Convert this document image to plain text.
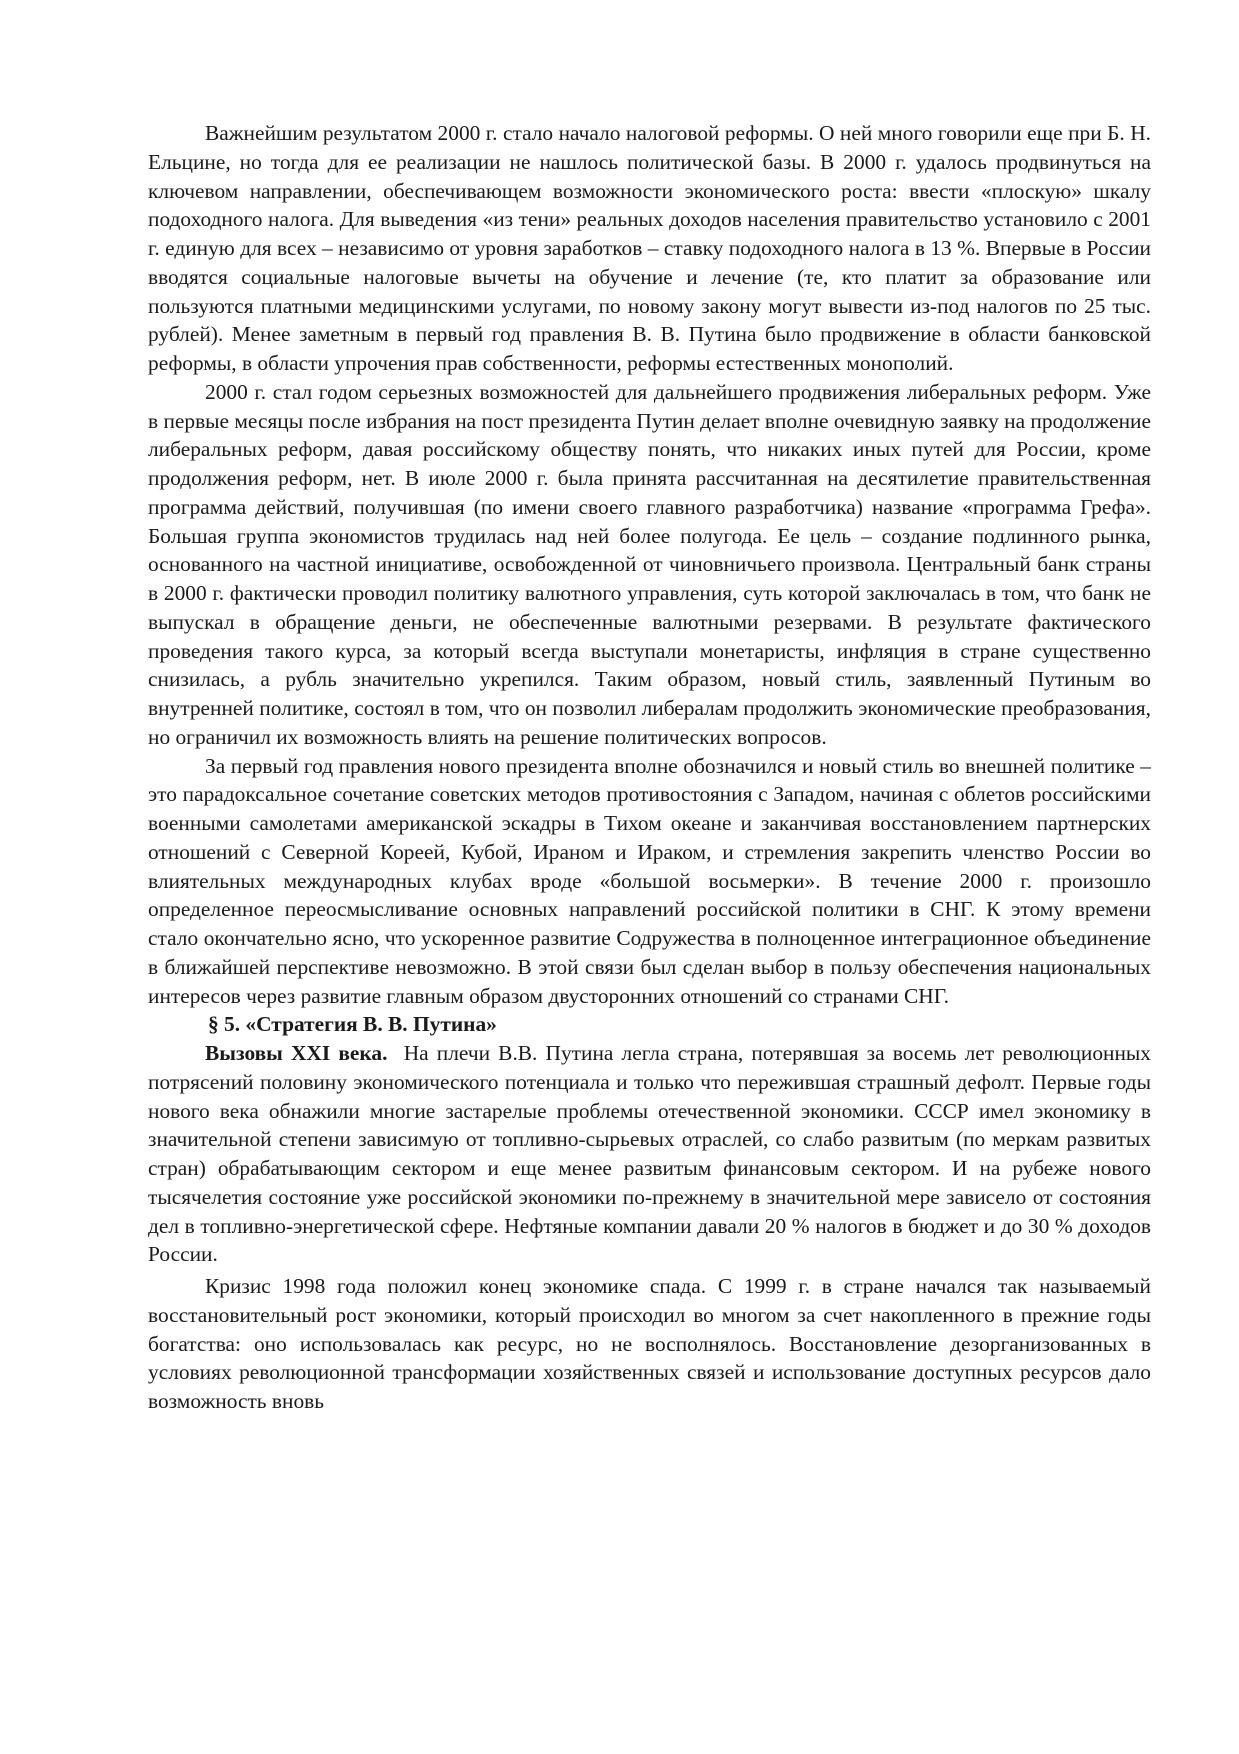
Важнейшим результатом 2000 г. стало начало налоговой реформы. О ней много говорили еще при Б. Н. Ельцине, но тогда для ее реализации не нашлось политической базы. В 2000 г. удалось продвинуться на ключевом направлении, обеспечивающем возможности экономического роста: ввести «плоскую» шкалу подоходного налога. Для выведения «из тени» реальных доходов населения правительство установило с 2001 г. единую для всех – независимо от уровня заработков – ставку подоходного налога в 13 %. Впервые в России вводятся социальные налоговые вычеты на обучение и лечение (те, кто платит за образование или пользуются платными медицинскими услугами, по новому закону могут вывести из-под налогов по 25 тыс. рублей). Менее заметным в первый год правления В. В. Путина было продвижение в области банковской реформы, в области упрочения прав собственности, реформы естественных монополий.

2000 г. стал годом серьезных возможностей для дальнейшего продвижения либеральных реформ. Уже в первые месяцы после избрания на пост президента Путин делает вполне очевидную заявку на продолжение либеральных реформ, давая российскому обществу понять, что никаких иных путей для России, кроме продолжения реформ, нет. В июле 2000 г. была принята рассчитанная на десятилетие правительственная программа действий, получившая (по имени своего главного разработчика) название «программа Грефа». Большая группа экономистов трудилась над ней более полугода. Ее цель – создание подлинного рынка, основанного на частной инициативе, освобожденной от чиновничьего произвола. Центральный банк страны в 2000 г. фактически проводил политику валютного управления, суть которой заключалась в том, что банк не выпускал в обращение деньги, не обеспеченные валютными резервами. В результате фактического проведения такого курса, за который всегда выступали монетаристы, инфляция в стране существенно снизилась, а рубль значительно укрепился. Таким образом, новый стиль, заявленный Путиным во внутренней политике, состоял в том, что он позволил либералам продолжить экономические преобразования, но ограничил их возможность влиять на решение политических вопросов.

За первый год правления нового президента вполне обозначился и новый стиль во внешней политике – это парадоксальное сочетание советских методов противостояния с Западом, начиная с облетов российскими военными самолетами американской эскадры в Тихом океане и заканчивая восстановлением партнерских отношений с Северной Кореей, Кубой, Ираном и Ираком, и стремления закрепить членство России во влиятельных международных клубах вроде «большой восьмерки». В течение 2000 г. произошло определенное переосмысливание основных направлений российской политики в СНГ. К этому времени стало окончательно ясно, что ускоренное развитие Содружества в полноценное интеграционное объединение в ближайшей перспективе невозможно. В этой связи был сделан выбор в пользу обеспечения национальных интересов через развитие главным образом двусторонних отношений со странами СНГ.

§ 5. «Стратегия В. В. Путина»

Вызовы XXI века. На плечи В.В. Путина легла страна, потерявшая за восемь лет революционных потрясений половину экономического потенциала и только что пережившая страшный дефолт. Первые годы нового века обнажили многие застарелые проблемы отечественной экономики. СССР имел экономику в значительной степени зависимую от топливно-сырьевых отраслей, со слабо развитым (по меркам развитых стран) обрабатывающим сектором и еще менее развитым финансовым сектором. И на рубеже нового тысячелетия состояние уже российской экономики по-прежнему в значительной мере зависело от состояния дел в топливно-энергетической сфере. Нефтяные компании давали 20 % налогов в бюджет и до 30 % доходов России.

Кризис 1998 года положил конец экономике спада. С 1999 г. в стране начался так называемый восстановительный рост экономики, который происходил во многом за счет накопленного в прежние годы богатства: оно использовалась как ресурс, но не восполнялось. Восстановление дезорганизованных в условиях революционной трансформации хозяйственных связей и использование доступных ресурсов дало возможность вновь
